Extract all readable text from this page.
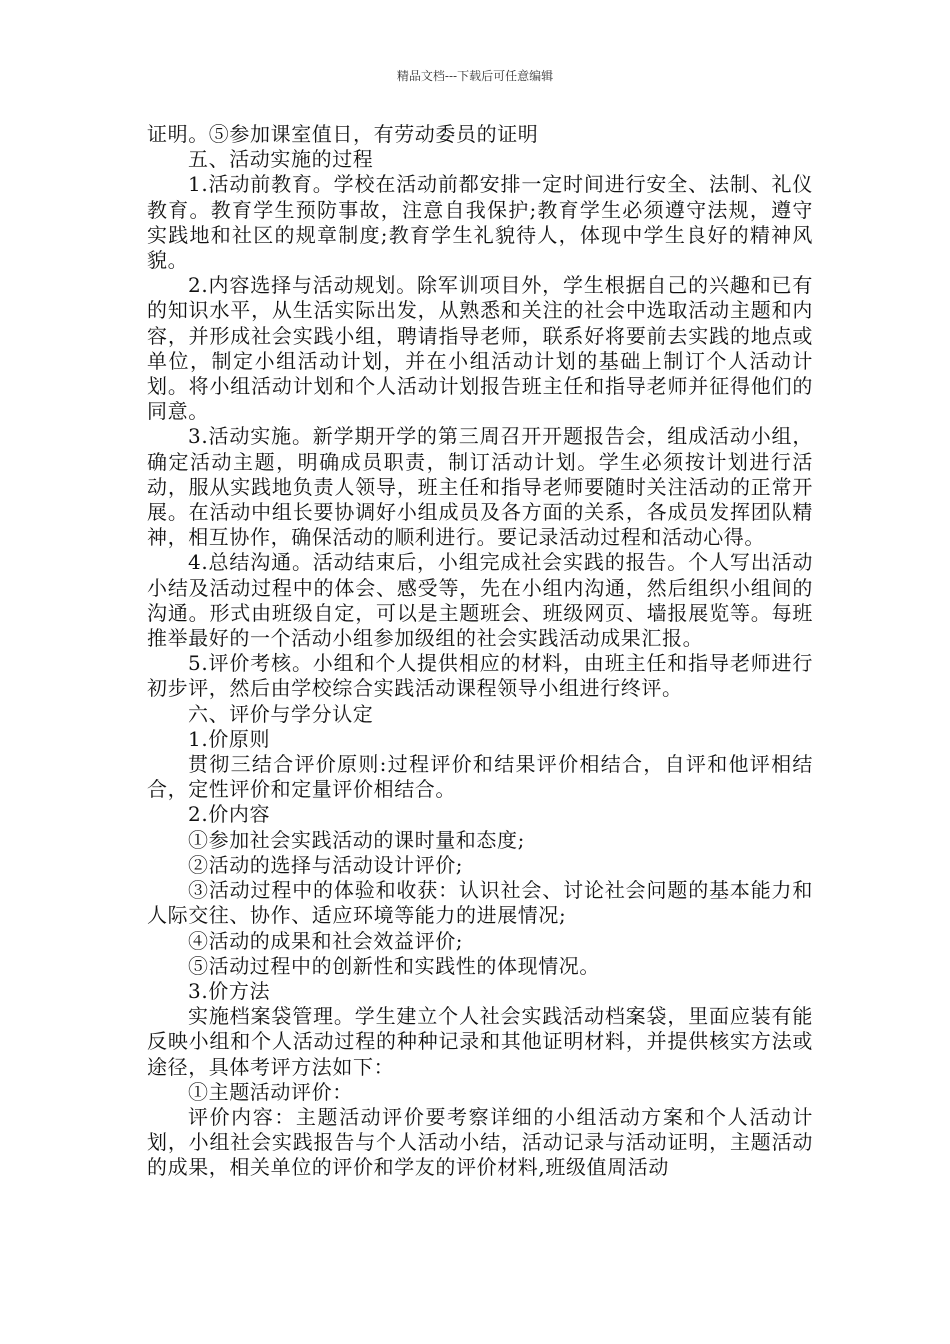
精品文档---下载后可任意编辑

证明。⑤参加课室值日，有劳动委员的证明

五、活动实施的过程

1.活动前教育。学校在活动前都安排一定时间进行安全、法制、礼仪教育。教育学生预防事故，注意自我保护;教育学生必须遵守法规，遵守实践地和社区的规章制度;教育学生礼貌待人，体现中学生良好的精神风貌。

2.内容选择与活动规划。除军训项目外，学生根据自己的兴趣和已有的知识水平，从生活实际出发，从熟悉和关注的社会中选取活动主题和内容，并形成社会实践小组，聘请指导老师，联系好将要前去实践的地点或单位，制定小组活动计划，并在小组活动计划的基础上制订个人活动计划。将小组活动计划和个人活动计划报告班主任和指导老师并征得他们的同意。

3.活动实施。新学期开学的第三周召开开题报告会，组成活动小组，确定活动主题，明确成员职责，制订活动计划。学生必须按计划进行活动，服从实践地负责人领导，班主任和指导老师要随时关注活动的正常开展。在活动中组长要协调好小组成员及各方面的关系，各成员发挥团队精神，相互协作，确保活动的顺利进行。要记录活动过程和活动心得。

4.总结沟通。活动结束后，小组完成社会实践的报告。个人写出活动小结及活动过程中的体会、感受等，先在小组内沟通，然后组织小组间的沟通。形式由班级自定，可以是主题班会、班级网页、墙报展览等。每班推举最好的一个活动小组参加级组的社会实践活动成果汇报。

5.评价考核。小组和个人提供相应的材料，由班主任和指导老师进行初步评，然后由学校综合实践活动课程领导小组进行终评。

六、评价与学分认定

1.价原则

贯彻三结合评价原则:过程评价和结果评价相结合，自评和他评相结合，定性评价和定量评价相结合。

2.价内容

①参加社会实践活动的课时量和态度;

②活动的选择与活动设计评价;

③活动过程中的体验和收获：认识社会、讨论社会问题的基本能力和人际交往、协作、适应环境等能力的进展情况;

④活动的成果和社会效益评价;

⑤活动过程中的创新性和实践性的体现情况。

3.价方法

实施档案袋管理。学生建立个人社会实践活动档案袋，里面应装有能反映小组和个人活动过程的种种记录和其他证明材料，并提供核实方法或途径，具体考评方法如下：

①主题活动评价：

评价内容：主题活动评价要考察详细的小组活动方案和个人活动计划，小组社会实践报告与个人活动小结，活动记录与活动证明，主题活动的成果，相关单位的评价和学友的评价材料,班级值周活动
